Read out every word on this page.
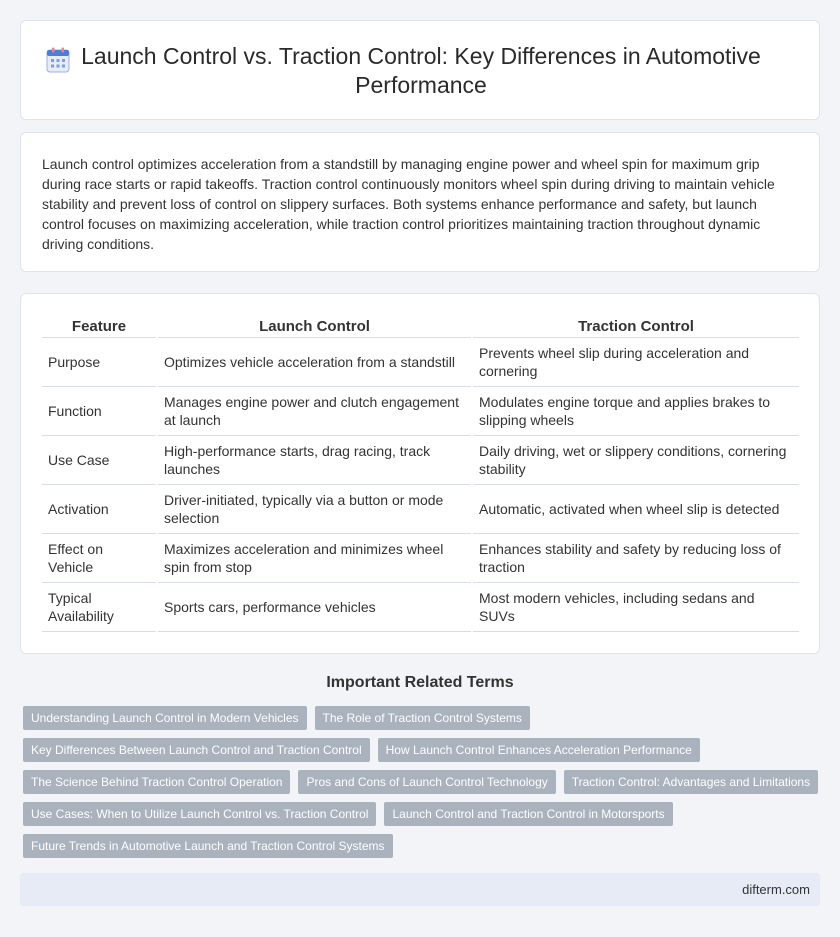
Launch Control vs. Traction Control: Key Differences in Automotive Performance

Launch control optimizes acceleration from a standstill by managing engine power and wheel spin for maximum grip during race starts or rapid takeoffs. Traction control continuously monitors wheel spin during driving to maintain vehicle stability and prevent loss of control on slippery surfaces. Both systems enhance performance and safety, but launch control focuses on maximizing acceleration, while traction control prioritizes maintaining traction throughout dynamic driving conditions.

Feature	Launch Control	Traction Control
Purpose	Optimizes vehicle acceleration from a standstill	Prevents wheel slip during acceleration and cornering
Function	Manages engine power and clutch engagement at launch	Modulates engine torque and applies brakes to slipping wheels
Use Case	High-performance starts, drag racing, track launches	Daily driving, wet or slippery conditions, cornering stability
Activation	Driver-initiated, typically via a button or mode selection	Automatic, activated when wheel slip is detected
Effect on Vehicle	Maximizes acceleration and minimizes wheel spin from stop	Enhances stability and safety by reducing loss of traction
Typical Availability	Sports cars, performance vehicles	Most modern vehicles, including sedans and SUVs
Important Related Terms
Understanding Launch Control in Modern Vehicles	The Role of Traction Control Systems
Key Differences Between Launch Control and Traction Control	How Launch Control Enhances Acceleration Performance
The Science Behind Traction Control Operation	Pros and Cons of Launch Control Technology	Traction Control: Advantages and Limitations
Use Cases: When to Utilize Launch Control vs. Traction Control	Launch Control and Traction Control in Motorsports
Future Trends in Automotive Launch and Traction Control Systems
difterm.com
